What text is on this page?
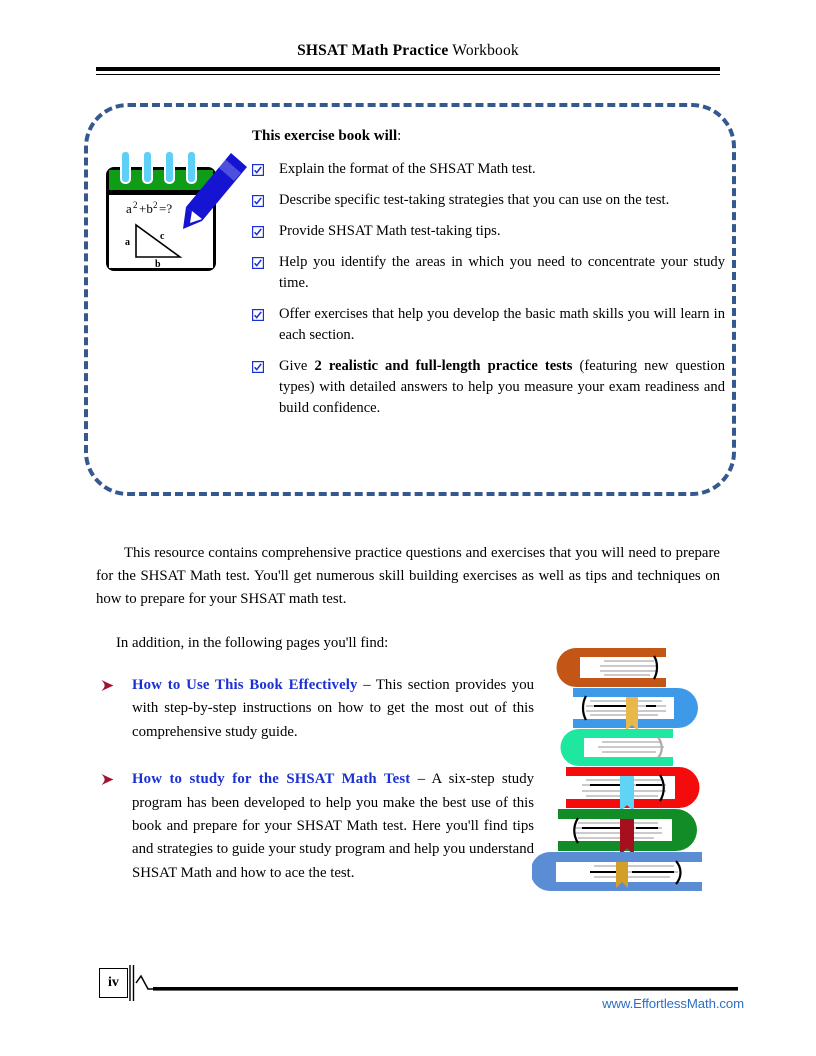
SHSAT Math Practice Workbook
a 2 +b 2 =?
a
b
c
This exercise book will:
Explain the format of the SHSAT Math test.
Describe specific test-taking strategies that you can use on the test.
Provide SHSAT Math test-taking tips.
Help you identify the areas in which you need to concentrate your study time.
Offer exercises that help you develop the basic math skills you will learn in each section.
Give 2 realistic and full-length practice tests (featuring new question types) with detailed answers to help you measure your exam readiness and build confidence.
This resource contains comprehensive practice questions and exercises that you will need to prepare for the SHSAT Math test. You'll get numerous skill building exercises as well as tips and techniques on how to prepare for your SHSAT math test.
In addition, in the following pages you'll find:
How to Use This Book Effectively – This section provides you with step-by-step instructions on how to get the most out of this comprehensive study guide.
How to study for the SHSAT Math Test – A six-step study program has been developed to help you make the best use of this book and prepare for your SHSAT Math test. Here you'll find tips and strategies to guide your study program and help you understand SHSAT Math and how to ace the test.
iv
www.EffortlessMath.com
